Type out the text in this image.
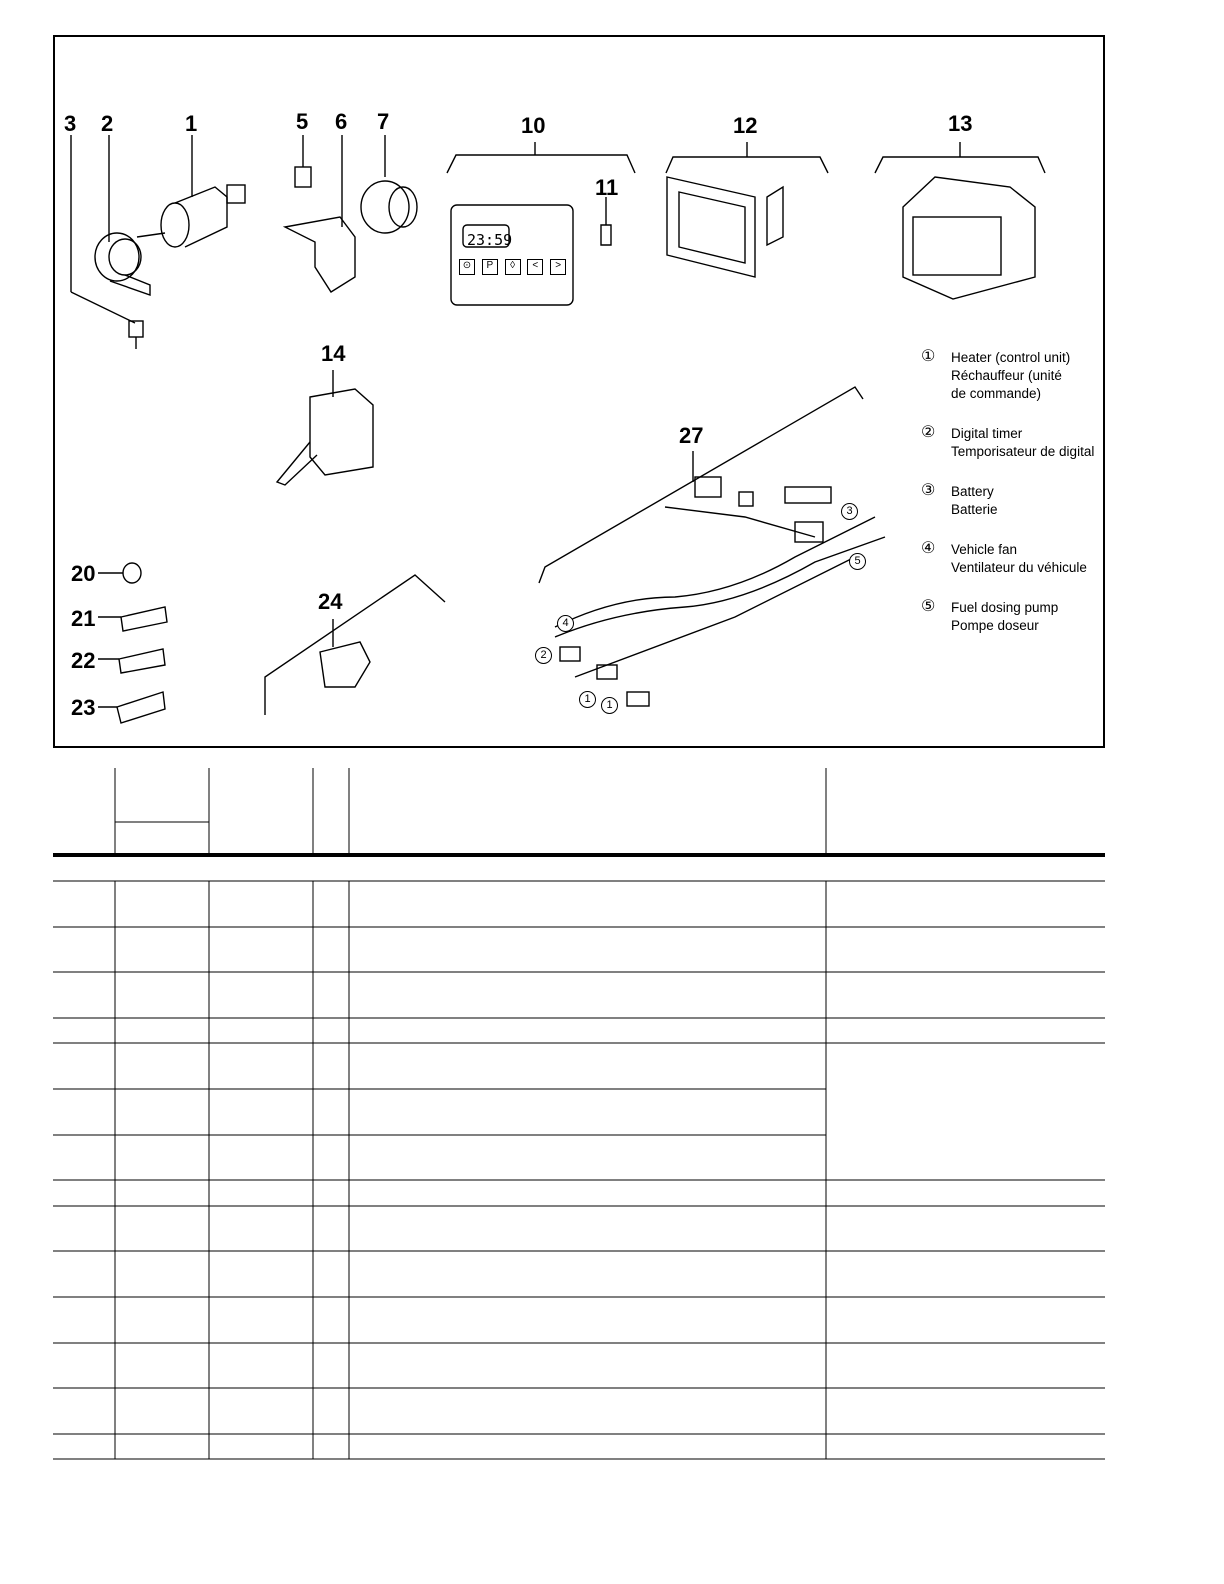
3 2	1	5 6 7	10
11
12	13
14
27
20
21
22
23
24
23:59
⊙ P ◊ < >
3
5
4
2
1	1
① Heater (control unit)
Réchauffeur (unité
de commande)
② Digital timer
Temporisateur de digital
③ Battery
Batterie
④ Vehicle fan
Ventilateur du véhicule
⑤ Fuel dosing pump
Pompe doseur
